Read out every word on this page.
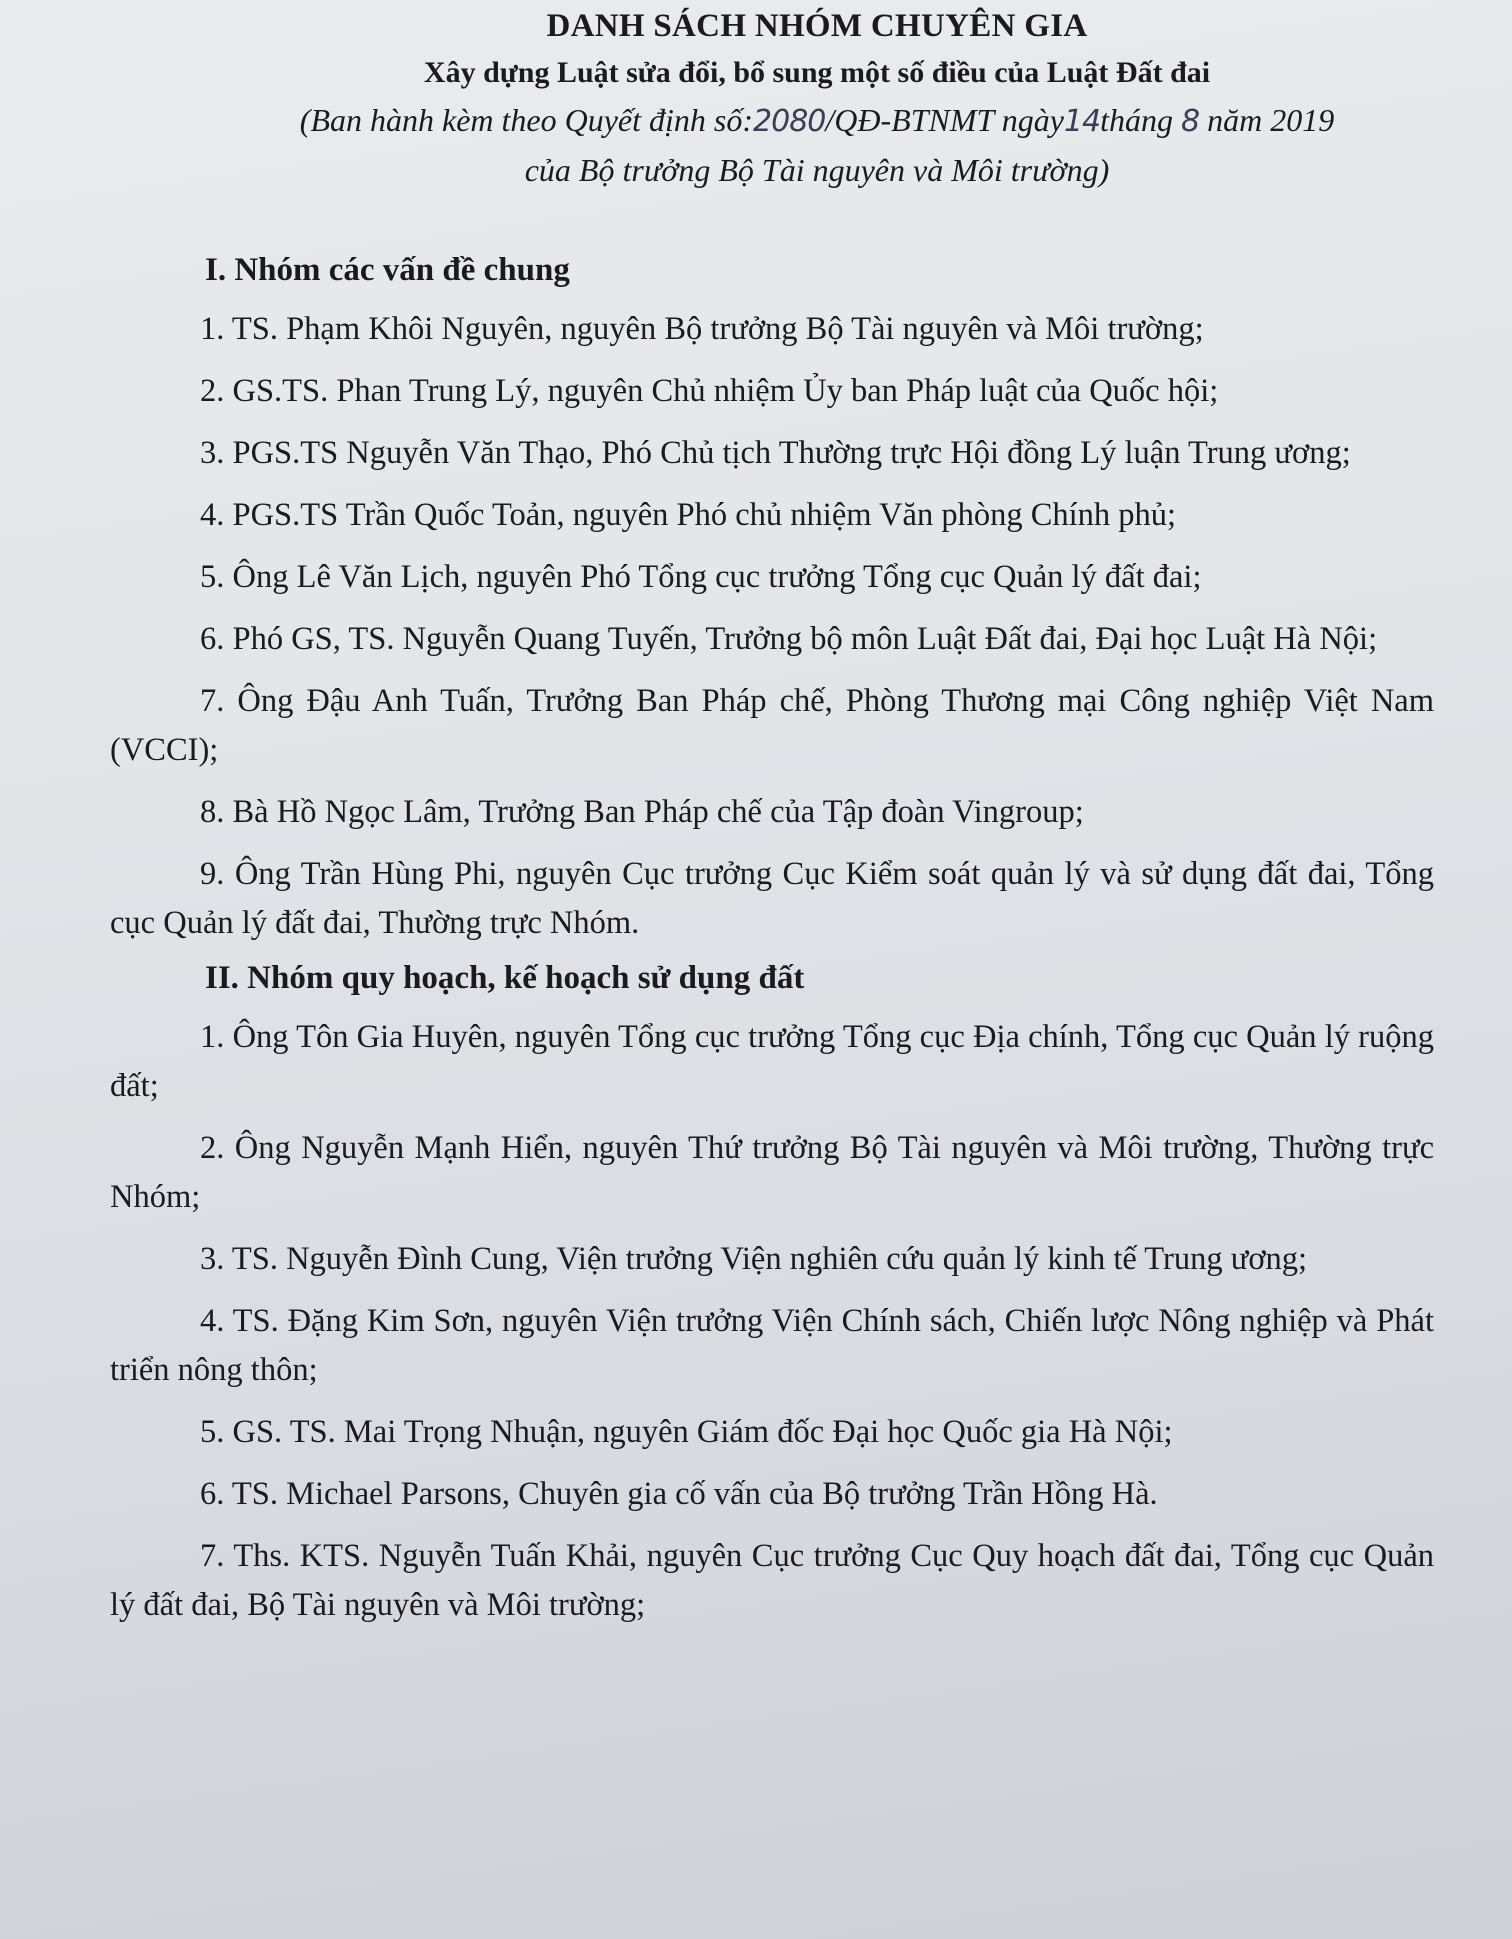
DANH SÁCH NHÓM CHUYÊN GIA

Xây dựng Luật sửa đổi, bổ sung một số điều của Luật Đất đai

(Ban hành kèm theo Quyết định số:2080/QĐ-BTNMT ngày14tháng 8 năm 2019

của Bộ trưởng Bộ Tài nguyên và Môi trường)

I. Nhóm các vấn đề chung

1. TS. Phạm Khôi Nguyên, nguyên Bộ trưởng Bộ Tài nguyên và Môi trường;

2. GS.TS. Phan Trung Lý, nguyên Chủ nhiệm Ủy ban Pháp luật của Quốc hội;

3. PGS.TS Nguyễn Văn Thạo, Phó Chủ tịch Thường trực Hội đồng Lý luận Trung ương;

4. PGS.TS Trần Quốc Toản, nguyên Phó chủ nhiệm Văn phòng Chính phủ;

5. Ông Lê Văn Lịch, nguyên Phó Tổng cục trưởng Tổng cục Quản lý đất đai;

6. Phó GS, TS. Nguyễn Quang Tuyến, Trưởng bộ môn Luật Đất đai, Đại học Luật Hà Nội;

7. Ông Đậu Anh Tuấn, Trưởng Ban Pháp chế, Phòng Thương mại Công nghiệp Việt Nam (VCCI);

8. Bà Hồ Ngọc Lâm, Trưởng Ban Pháp chế của Tập đoàn Vingroup;

9. Ông Trần Hùng Phi, nguyên Cục trưởng Cục Kiểm soát quản lý và sử dụng đất đai, Tổng cục Quản lý đất đai, Thường trực Nhóm.

II. Nhóm quy hoạch, kế hoạch sử dụng đất

1. Ông Tôn Gia Huyên, nguyên Tổng cục trưởng Tổng cục Địa chính, Tổng cục Quản lý ruộng đất;

2. Ông Nguyễn Mạnh Hiển, nguyên Thứ trưởng Bộ Tài nguyên và Môi trường, Thường trực Nhóm;

3. TS. Nguyễn Đình Cung, Viện trưởng Viện nghiên cứu quản lý kinh tế Trung ương;

4. TS. Đặng Kim Sơn, nguyên Viện trưởng Viện Chính sách, Chiến lược Nông nghiệp và Phát triển nông thôn;

5. GS. TS. Mai Trọng Nhuận, nguyên Giám đốc Đại học Quốc gia Hà Nội;

6. TS. Michael Parsons, Chuyên gia cố vấn của Bộ trưởng Trần Hồng Hà.

7. Ths. KTS. Nguyễn Tuấn Khải, nguyên Cục trưởng Cục Quy hoạch đất đai, Tổng cục Quản lý đất đai, Bộ Tài nguyên và Môi trường;
